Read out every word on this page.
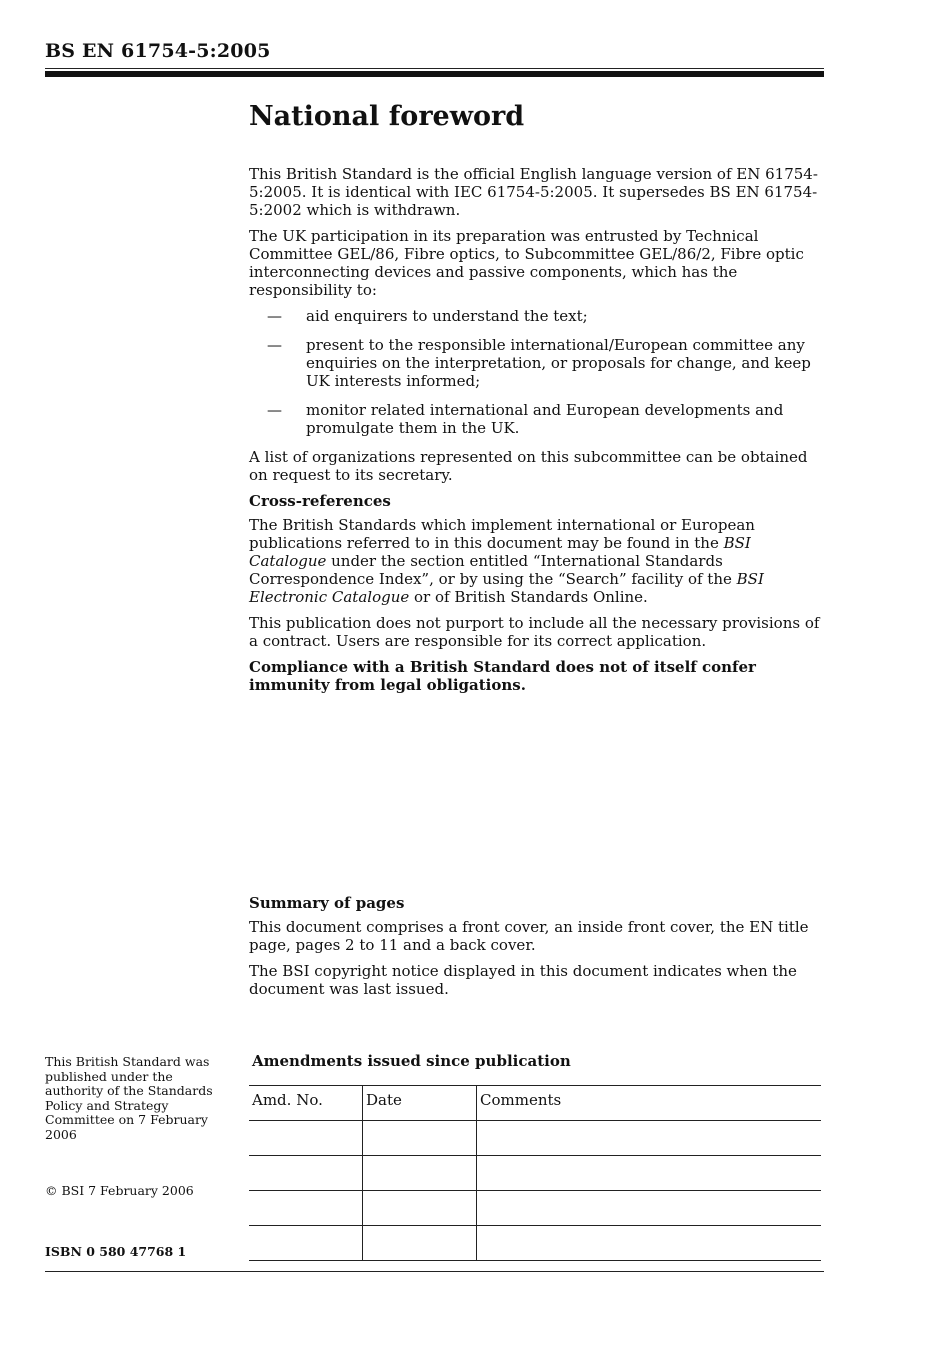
BS EN 61754-5:2005
National foreword

This British Standard is the official English language version of EN 61754-5:2005. It is identical with IEC 61754-5:2005. It supersedes BS EN 61754-5:2002 which is withdrawn.

The UK participation in its preparation was entrusted by Technical Committee GEL/86, Fibre optics, to Subcommittee GEL/86/2, Fibre optic interconnecting devices and passive components, which has the responsibility to:

— aid enquirers to understand the text;
— present to the responsible international/European committee any enquiries on the interpretation, or proposals for change, and keep UK interests informed;
— monitor related international and European developments and promulgate them in the UK.

A list of organizations represented on this subcommittee can be obtained on request to its secretary.

Cross-references

The British Standards which implement international or European publications referred to in this document may be found in the BSI Catalogue under the section entitled “International Standards Correspondence Index”, or by using the “Search” facility of the BSI Electronic Catalogue or of British Standards Online.

This publication does not purport to include all the necessary provisions of a contract. Users are responsible for its correct application.

Compliance with a British Standard does not of itself confer immunity from legal obligations.

Summary of pages

This document comprises a front cover, an inside front cover, the EN title page, pages 2 to 11 and a back cover.

The BSI copyright notice displayed in this document indicates when the document was last issued.

This British Standard was published under the authority of the Standards Policy and Strategy Committee on 7 February 2006
© BSI 7 February 2006
ISBN 0 580 47768 1
Amendments issued since publication
Amd. No.	Date	Comments
